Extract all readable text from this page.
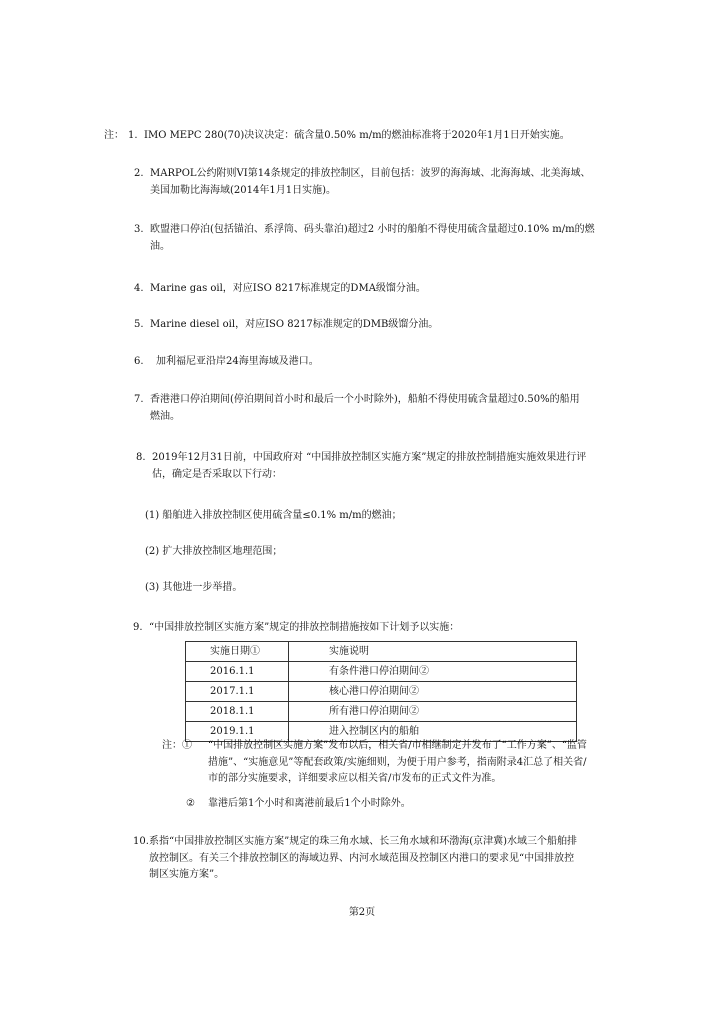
注： 1. IMO MEPC 280(70)决议决定：硫含量0.50% m/m的燃油标准将于2020年1月1日开始实施。
2. MARPOL公约附则VI第14条规定的排放控制区，目前包括：波罗的海海域、北海海域、北美海域、
美国加勒比海海域(2014年1月1日实施)。
3. 欧盟港口停泊(包括锚泊、系浮筒、码头靠泊)超过2 小时的船舶不得使用硫含量超过0.10% m/m的燃
油。
4. Marine gas oil，对应ISO 8217标准规定的DMA级馏分油。
5. Marine diesel oil，对应ISO 8217标准规定的DMB级馏分油。
6. 加利福尼亚沿岸24海里海域及港口。
7. 香港港口停泊期间(停泊期间首小时和最后一个小时除外)，船舶不得使用硫含量超过0.50%的船用
燃油。
8. 2019年12月31日前，中国政府对 “中国排放控制区实施方案”规定的排放控制措施实施效果进行评
估，确定是否采取以下行动：
(1) 船舶进入排放控制区使用硫含量≤0.1% m/m的燃油；
(2) 扩大排放控制区地理范围；
(3) 其他进一步举措。
9. “中国排放控制区实施方案”规定的排放控制措施按如下计划予以实施：
实施日期①	实施说明
2016.1.1	有条件港口停泊期间②
2017.1.1	核心港口停泊期间②
2018.1.1	所有港口停泊期间②
2019.1.1	进入控制区内的船舶
注：① “中国排放控制区实施方案”发布以后，相关省/市相继制定并发布了“工作方案”、“监管
措施”、“实施意见”等配套政策/实施细则，为便于用户参考，指南附录4汇总了相关省/
市的部分实施要求，详细要求应以相关省/市发布的正式文件为准。
② 靠港后第1个小时和离港前最后1个小时除外。
10.系指“中国排放控制区实施方案”规定的珠三角水域、长三角水域和环渤海(京津冀)水域三个船舶排
放控制区。有关三个排放控制区的海域边界、内河水域范围及控制区内港口的要求见“中国排放控
制区实施方案”。
第2页
